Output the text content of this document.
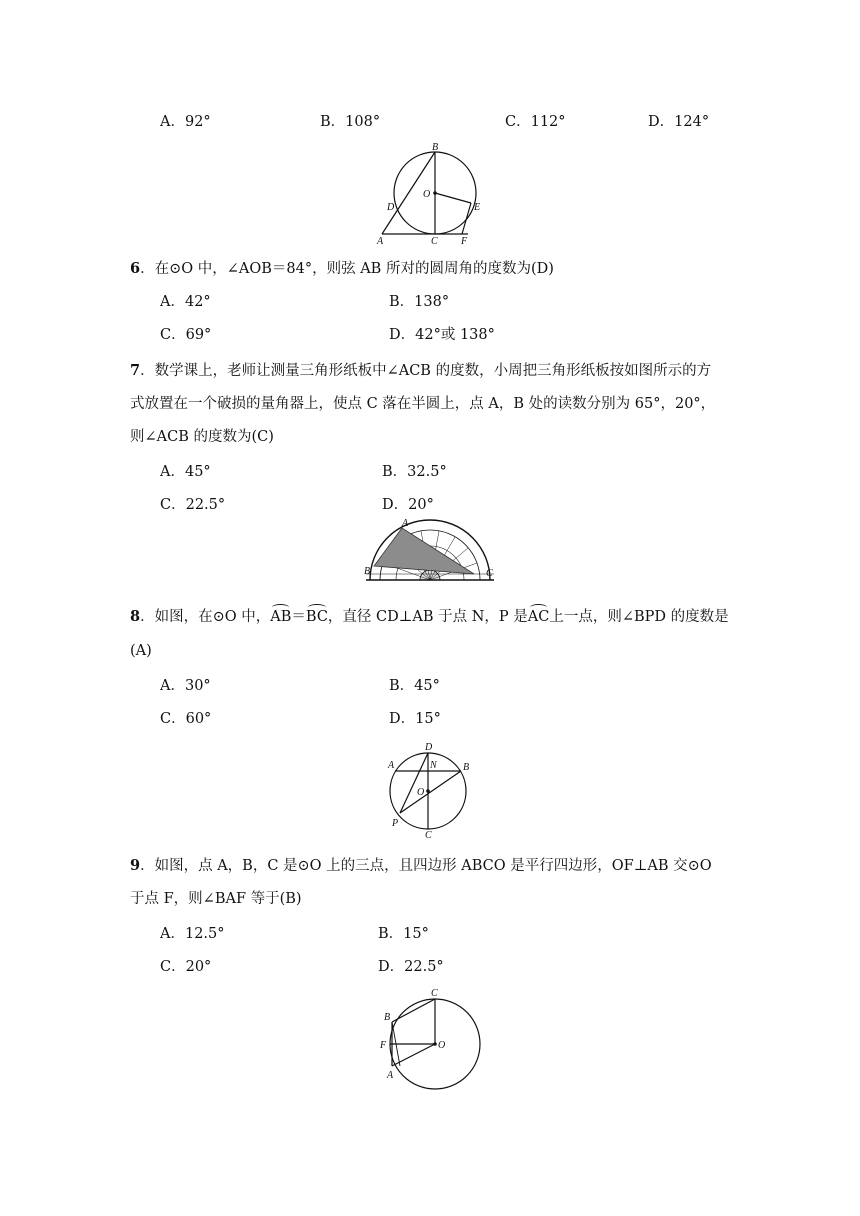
A．92°	B．108°	C．112°	D．124°
B
O
D	E
A	C F
6．在⊙O 中，∠AOB＝84°，则弦 AB 所对的圆周角的度数为(D)
A．42°	B．138°
C．69°	D．42°或 138°
7．数学课上，老师让测量三角形纸板中∠ACB 的度数，小周把三角形纸板按如图所示的方
式放置在一个破损的量角器上，使点 C 落在半圆上，点 A，B 处的读数分别为 65°，20°，
则∠ACB 的度数为(C)
A．45°	B．32.5°
C．22.5°	D．20°
A
B	C
8．如图，在⊙O 中，AB＝BC，直径 CD⊥AB 于点 N，P 是AC上一点，则∠BPD 的度数是
(A)
A．30°	B．45°
C．60°	D．15°
D
A	N	B
O
P
C
9．如图，点 A，B，C 是⊙O 上的三点，且四边形 ABCO 是平行四边形，OF⊥AB 交⊙O
于点 F，则∠BAF 等于(B)
A．12.5°	B．15°
C．20°	D．22.5°
C
B
F	O
A
